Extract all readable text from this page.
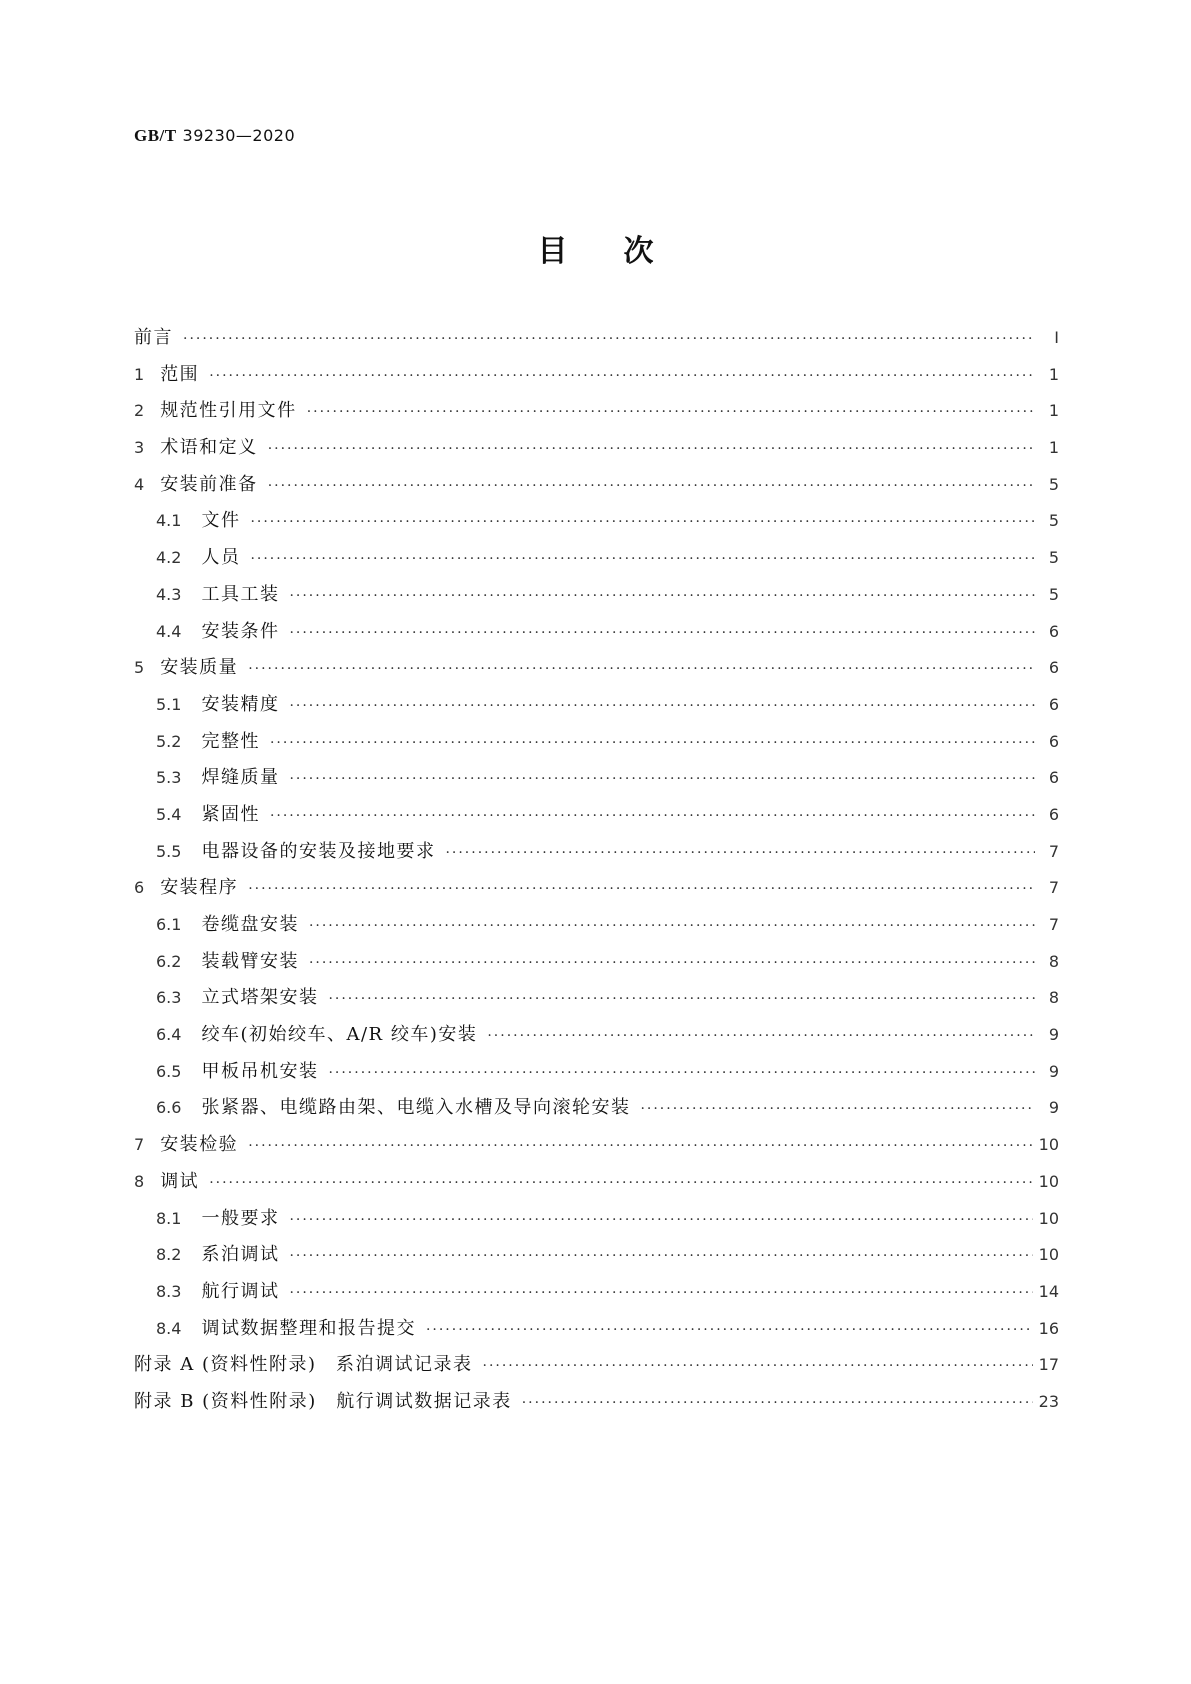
GB/T 39230—2020
目次
前言 ·····	Ⅰ
1 范围 ·····	1
2 规范性引用文件 ·····	1
3 术语和定义 ·····	1
4 安装前准备 ·····	5
4.1 文件 ·····	5
4.2 人员 ·····	5
4.3 工具工装 ·····	5
4.4 安装条件 ·····	6
5 安装质量 ·····	6
5.1 安装精度 ·····	6
5.2 完整性 ·····	6
5.3 焊缝质量 ·····	6
5.4 紧固性 ·····	6
5.5 电器设备的安装及接地要求 ·····	7
6 安装程序 ·····	7
6.1 卷缆盘安装 ·····	7
6.2 装载臂安装 ·····	8
6.3 立式塔架安装 ·····	8
6.4 绞车(初始绞车、A/R 绞车)安装 ·····	9
6.5 甲板吊机安装 ·····	9
6.6 张紧器、电缆路由架、电缆入水槽及导向滚轮安装 ·····	9
7 安装检验 ·····	10
8 调试 ·····	10
8.1 一般要求 ·····	10
8.2 系泊调试 ·····	10
8.3 航行调试 ·····	14
8.4 调试数据整理和报告提交 ·····	16
附录 A (资料性附录)　系泊调试记录表 ·····	17
附录 B (资料性附录)　航行调试数据记录表 ·····	23
